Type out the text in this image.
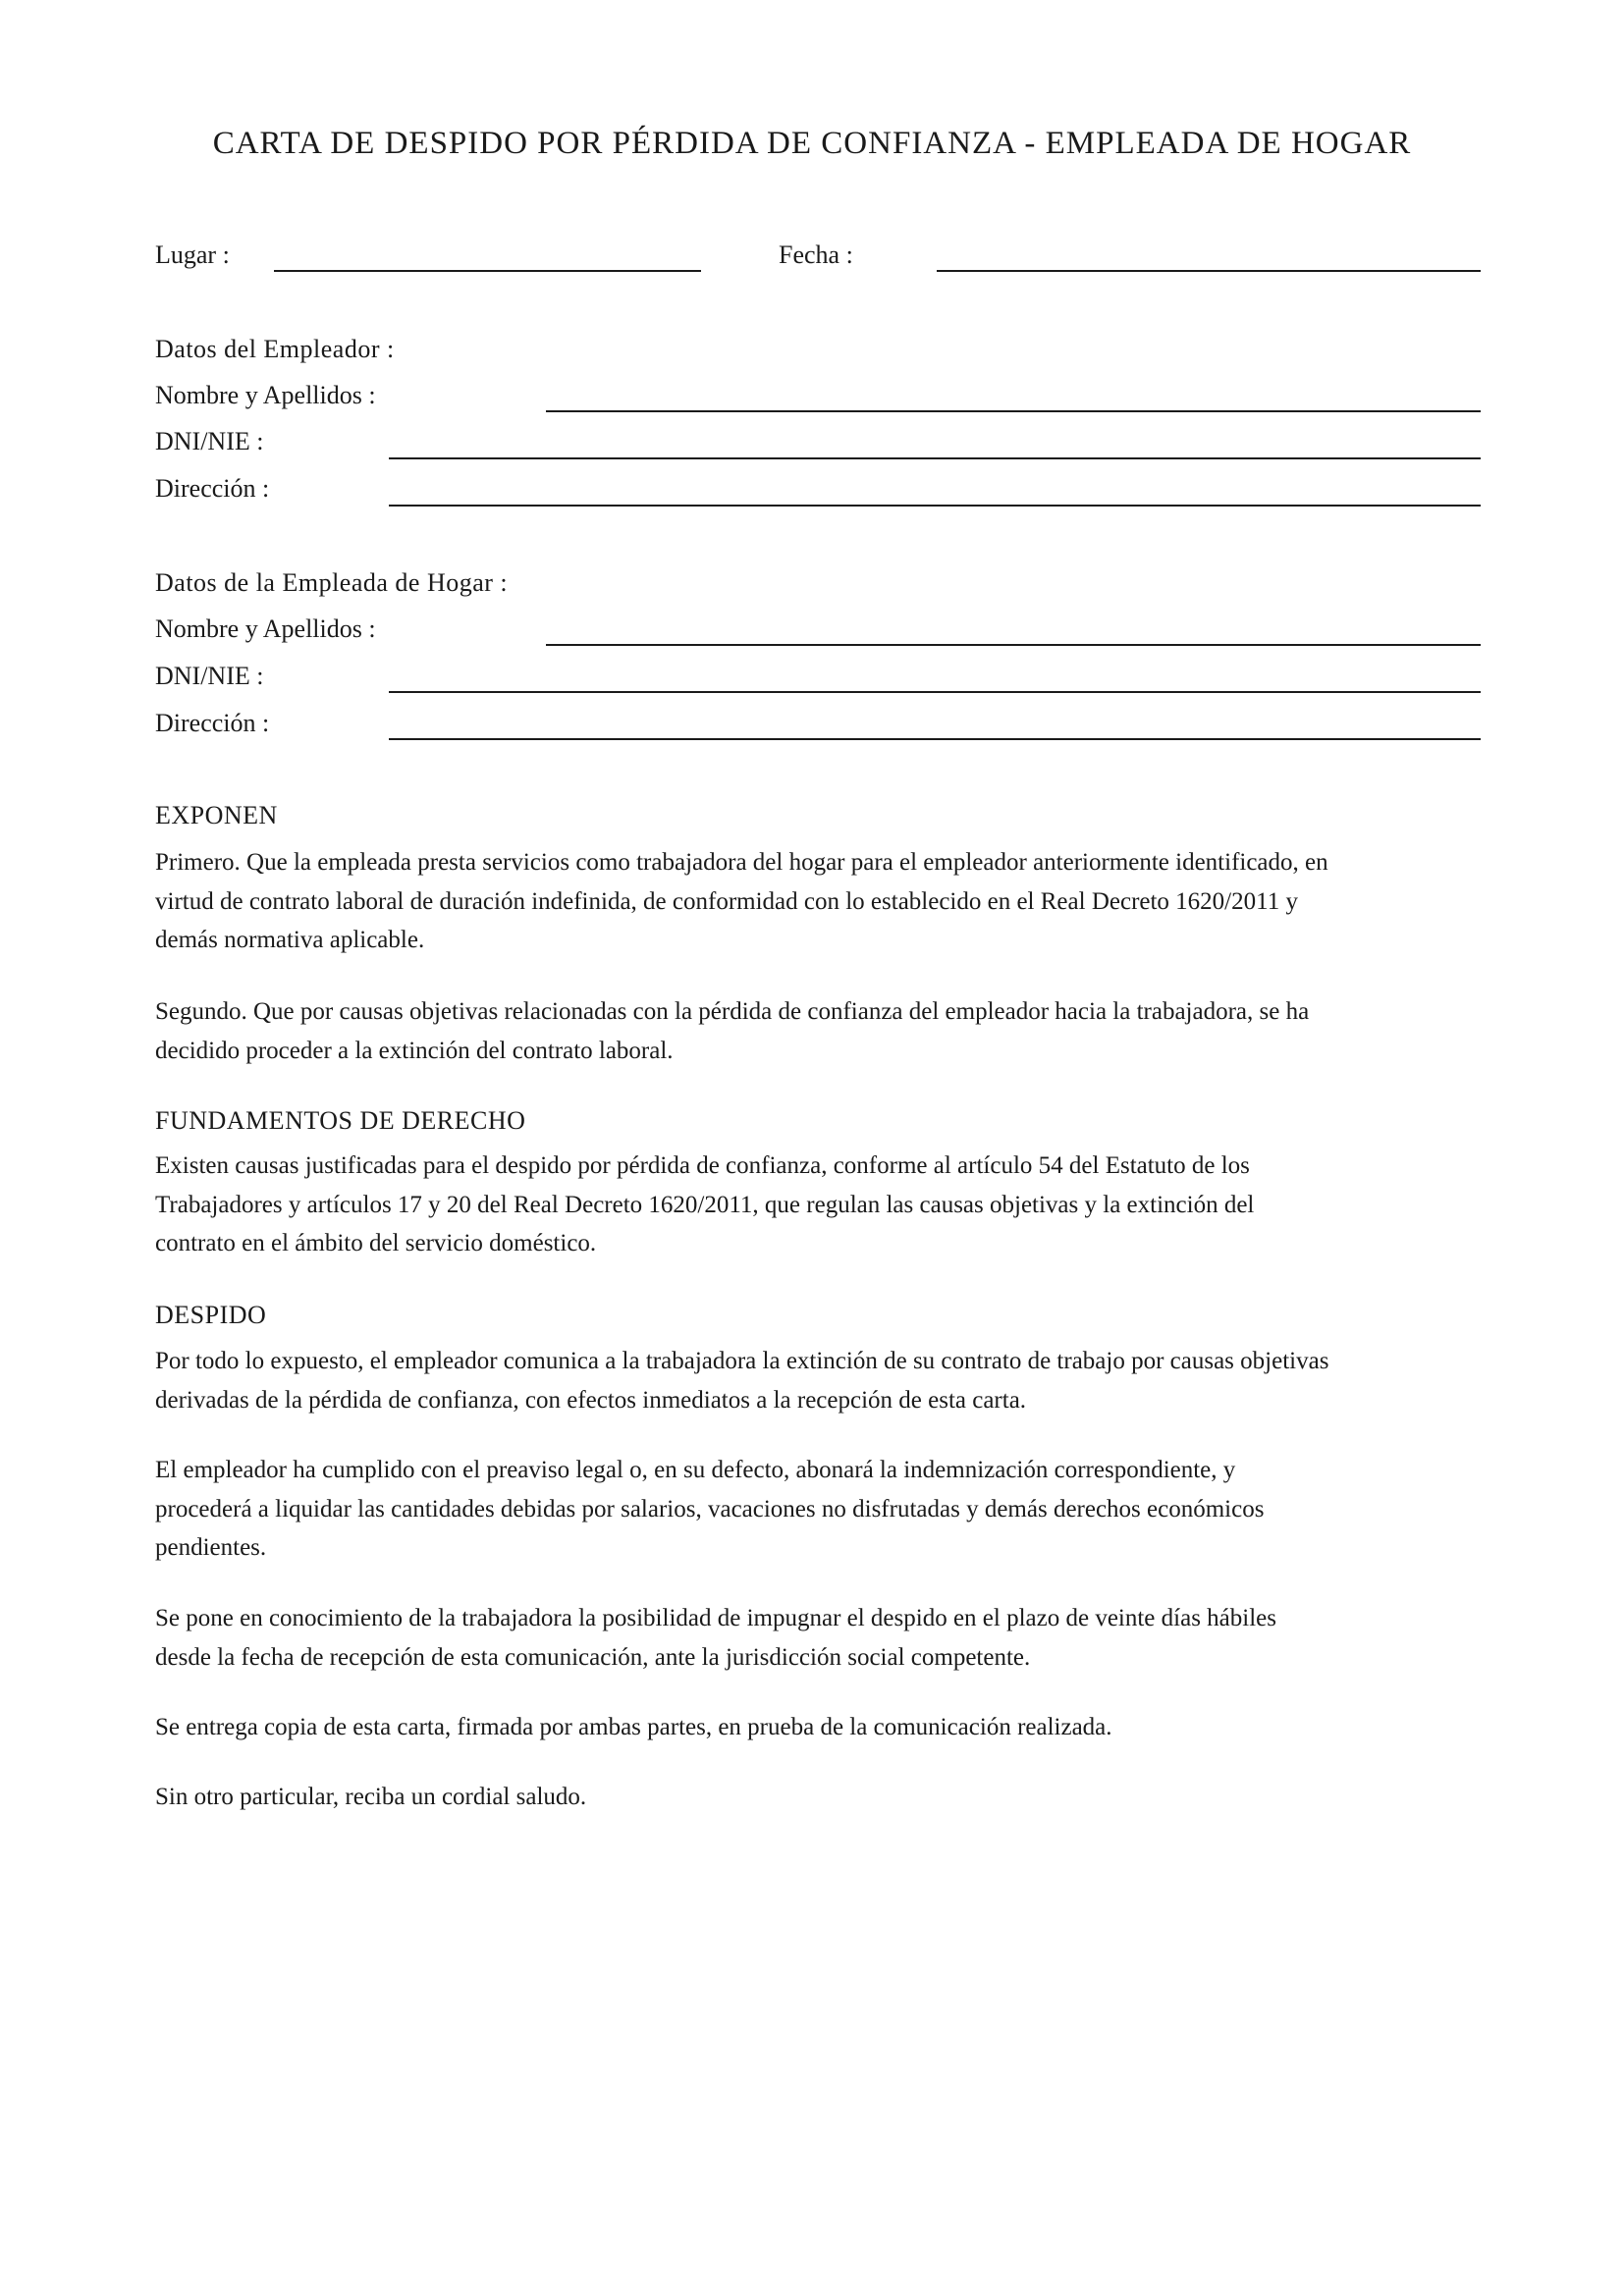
CARTA DE DESPIDO POR PÉRDIDA DE CONFIANZA - EMPLEADA DE HOGAR
Lugar :	Fecha :
Datos del Empleador :
Nombre y Apellidos :
DNI/NIE :
Dirección :
Datos de la Empleada de Hogar :
Nombre y Apellidos :
DNI/NIE :
Dirección :
EXPONEN

Primero. Que la empleada presta servicios como trabajadora del hogar para el empleador anteriormente identificado, en
virtud de contrato laboral de duración indefinida, de conformidad con lo establecido en el Real Decreto 1620/2011 y
demás normativa aplicable.

Segundo. Que por causas objetivas relacionadas con la pérdida de confianza del empleador hacia la trabajadora, se ha
decidido proceder a la extinción del contrato laboral.

FUNDAMENTOS DE DERECHO

Existen causas justificadas para el despido por pérdida de confianza, conforme al artículo 54 del Estatuto de los
Trabajadores y artículos 17 y 20 del Real Decreto 1620/2011, que regulan las causas objetivas y la extinción del
contrato en el ámbito del servicio doméstico.

DESPIDO

Por todo lo expuesto, el empleador comunica a la trabajadora la extinción de su contrato de trabajo por causas objetivas
derivadas de la pérdida de confianza, con efectos inmediatos a la recepción de esta carta.

El empleador ha cumplido con el preaviso legal o, en su defecto, abonará la indemnización correspondiente, y
procederá a liquidar las cantidades debidas por salarios, vacaciones no disfrutadas y demás derechos económicos
pendientes.

Se pone en conocimiento de la trabajadora la posibilidad de impugnar el despido en el plazo de veinte días hábiles
desde la fecha de recepción de esta comunicación, ante la jurisdicción social competente.

Se entrega copia de esta carta, firmada por ambas partes, en prueba de la comunicación realizada.

Sin otro particular, reciba un cordial saludo.
